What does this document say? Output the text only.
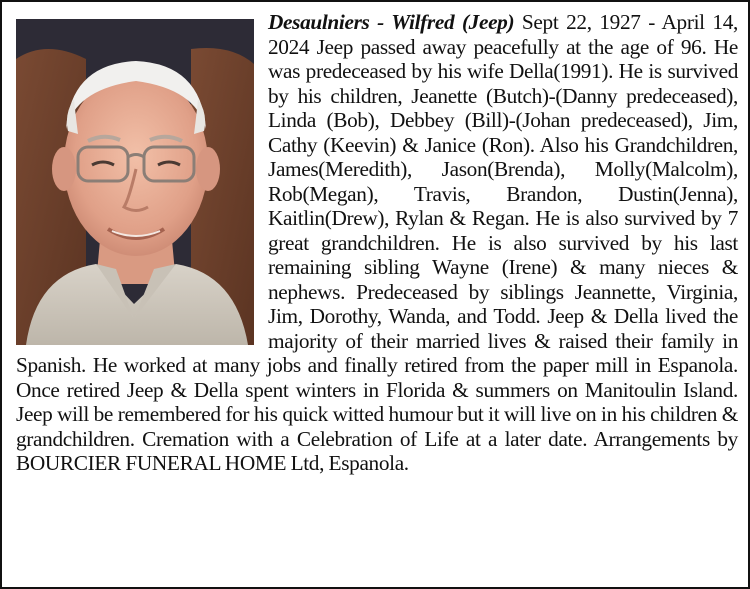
Desaulniers - Wilfred (Jeep) Sept 22, 1927 - April 14, 2024 Jeep passed away peacefully at the age of 96. He was predeceased by his wife Della(1991). He is survived by his children, Jeanette (Butch)-(Danny predeceased), Linda (Bob), Debbey (Bill)-(Johan predeceased), Jim, Cathy (Keevin) & Janice (Ron). Also his Grandchildren, James(Meredith), Jason(Brenda), Molly(Malcolm), Rob(Megan), Travis, Brandon, Dustin(Jenna), Kaitlin(Drew), Rylan & Regan. He is also survived by 7 great grandchildren. He is also survived by his last remaining sibling Wayne (Irene) & many nieces & nephews. Predeceased by siblings Jeannette, Virginia, Jim, Dorothy, Wanda, and Todd. Jeep & Della lived the majority of their married lives & raised their family in Spanish. He worked at many jobs and finally retired from the paper mill in Espanola. Once retired Jeep & Della spent winters in Florida & summers on Manitoulin Island. Jeep will be remembered for his quick witted humour but it will live on in his children & grandchildren. Cremation with a Celebration of Life at a later date. Arrangements by BOURCIER FUNERAL HOME Ltd, Espanola.
